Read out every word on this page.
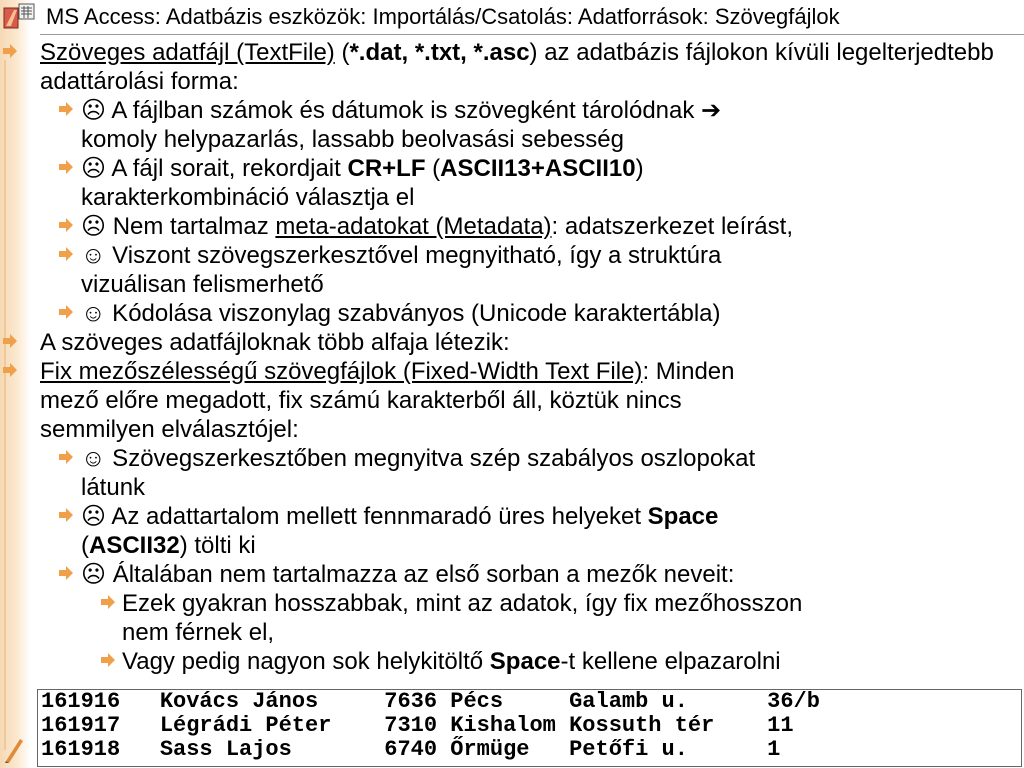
MS Access: Adatbázis eszközök: Importálás/Csatolás: Adatforrások: Szövegfájlok
Szöveges adatfájl (TextFile) (*.dat, *.txt, *.asc) az adatbázis fájlokon kívüli legelterjedtebb adattárolási forma:
☹ A fájlban számok és dátumok is szövegként tárolódnak ➔
komoly helypazarlás, lassabb beolvasási sebesség
☹ A fájl sorait, rekordjait CR+LF (ASCII13+ASCII10)
karakterkombináció választja el
☹ Nem tartalmaz meta-adatokat (Metadata): adatszerkezet leírást,
☺ Viszont szövegszerkesztővel megnyitható, így a struktúra
vizuálisan felismerhető
☺ Kódolása viszonylag szabványos (Unicode karaktertábla)
A szöveges adatfájloknak több alfaja létezik:
Fix mezőszélességű szövegfájlok (Fixed-Width Text File): Minden
mező előre megadott, fix számú karakterből áll, köztük nincs
semmilyen elválasztójel:
☺ Szövegszerkesztőben megnyitva szép szabályos oszlopokat
látunk
☹ Az adattartalom mellett fennmaradó üres helyeket Space
(ASCII32) tölti ki
☹ Általában nem tartalmazza az első sorban a mezők neveit:
Ezek gyakran hosszabbak, mint az adatok, így fix mezőhosszon
nem férnek el,
Vagy pedig nagyon sok helykitöltő Space-t kellene elpazarolni
161916   Kovács János     7636 Pécs     Galamb u.      36/b
161917   Légrádi Péter    7310 Kishalom Kossuth tér    11
161918   Sass Lajos       6740 Őrmüge   Petőfi u.      1
